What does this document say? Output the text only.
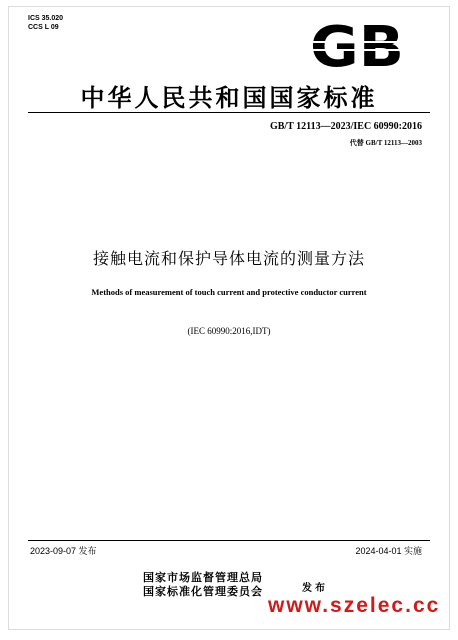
ICS 35.020
CCS L 09	GB
中华人民共和国国家标准
GB/T 12113—2023/IEC 60990:2016
代替 GB/T 12113—2003
接触电流和保护导体电流的测量方法
Methods of measurement of touch current and protective conductor current
(IEC 60990:2016,IDT)
2023-09-07 发布	2024-04-01 实施
国家市场监督管理总局
国家标准化管理委员会	发布
www.szelec.cc
